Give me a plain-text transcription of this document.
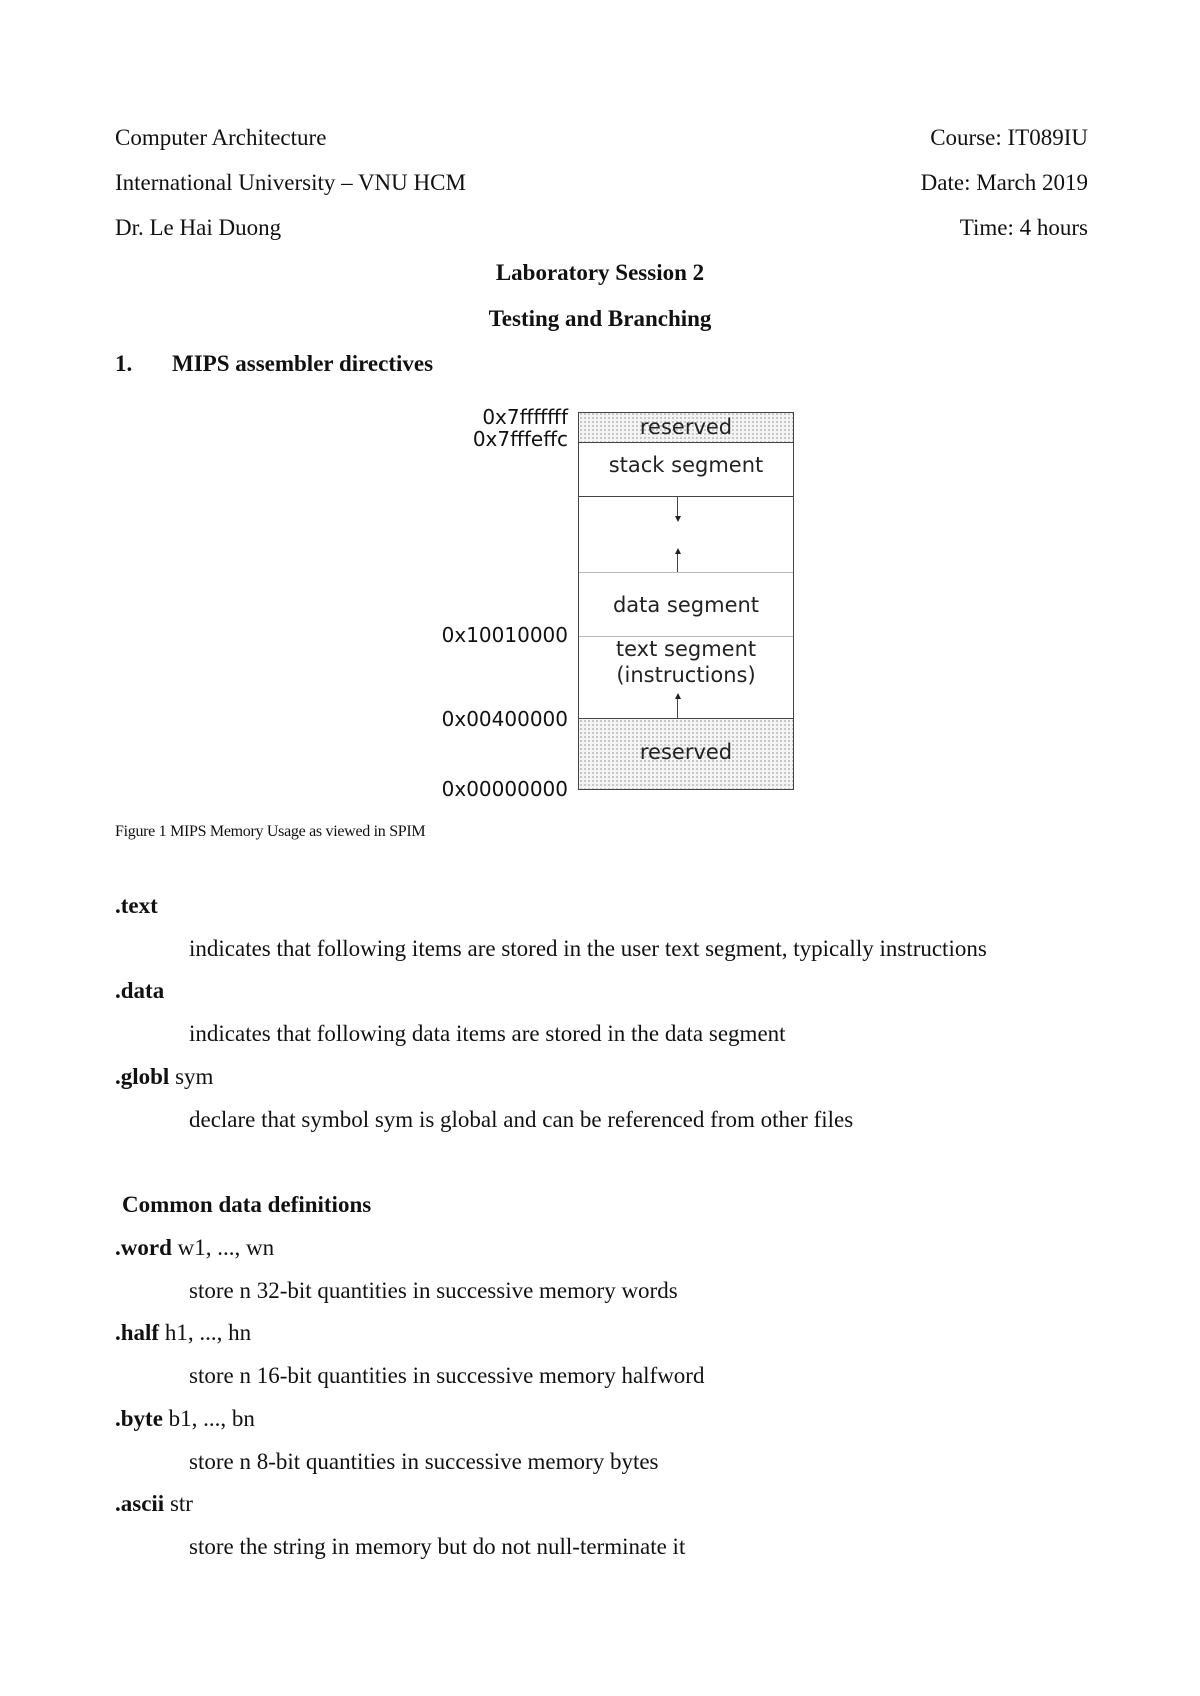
Computer Architecture	Course: IT089IU
International University – VNU HCM	Date: March 2019
Dr. Le Hai Duong	Time: 4 hours
Laboratory Session 2
Testing and Branching
1. MIPS assembler directives
0x7fffffff
0x7fffeffc
0x10010000
0x00400000
0x00000000
reserved
stack segment
data segment
text segment
(instructions)
reserved
Figure 1 MIPS Memory Usage as viewed in SPIM
.text
indicates that following items are stored in the user text segment, typically instructions
.data
indicates that following data items are stored in the data segment
.globl sym
declare that symbol sym is global and can be referenced from other files
Common data definitions
.word w1, ..., wn
store n 32-bit quantities in successive memory words
.half h1, ..., hn
store n 16-bit quantities in successive memory halfword
.byte b1, ..., bn
store n 8-bit quantities in successive memory bytes
.ascii str
store the string in memory but do not null-terminate it
